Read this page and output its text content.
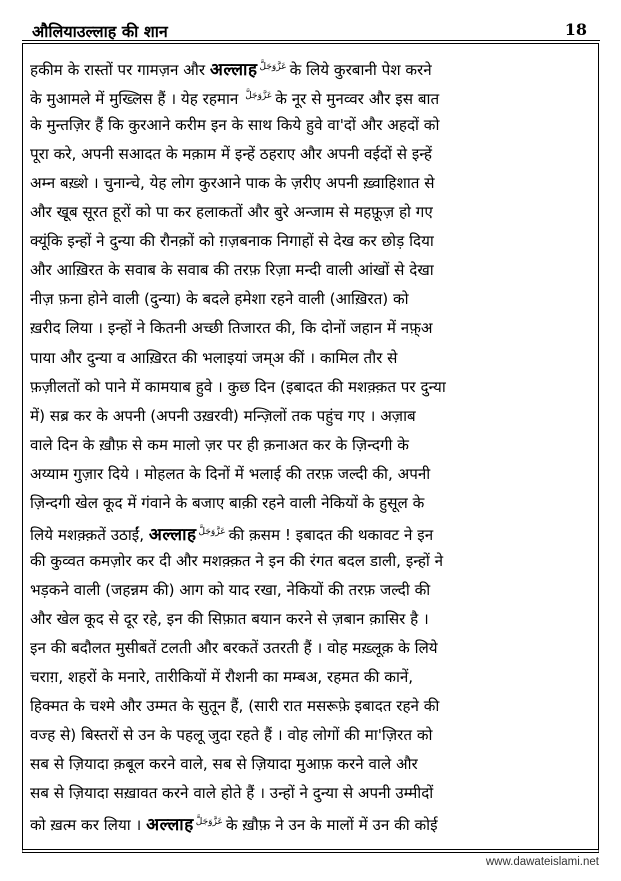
औलियाउल्लाह की शान	18
हकीम के रास्तों पर गामज़न और अल्लाह عَزَّوَجَلَّ के लिये कुरबानी पेश करने
के मुआमले में मुख्लिस हैं । येह रहमान عَزَّوَجَلَّ के नूर से मुनव्वर और इस बात
के मुन्तज़िर हैं कि कुरआने करीम इन के साथ किये हुवे वा'दों और अहदों को
पूरा करे, अपनी सआदत के मक़ाम में इन्हें ठहराए और अपनी वईदों से इन्हें
अम्न बख़्शे । चुनान्चे, येह लोग कुरआने पाक के ज़रीए अपनी ख़्वाहिशात से
और खूब सूरत हूरों को पा कर हलाकतों और बुरे अन्जाम से महफ़ूज़ हो गए
क्यूंकि इन्हों ने दुन्या की रौनक़ों को ग़ज़बनाक निगाहों से देख कर छोड़ दिया
और आख़िरत के सवाब के सवाब की तरफ़ रिज़ा मन्दी वाली आंखों से देखा
नीज़ फ़ना होने वाली (दुन्या) के बदले हमेशा रहने वाली (आख़िरत) को
ख़रीद लिया । इन्हों ने कितनी अच्छी तिजारत की, कि दोनों जहान में नफ़्अ
पाया और दुन्या व आख़िरत की भलाइयां जम्अ कीं । कामिल तौर से
फ़ज़ीलतों को पाने में कामयाब हुवे । कुछ दिन (इबादत की मशक़्क़त पर दुन्या
में) सब्र कर के अपनी (अपनी उख़रवी) मन्ज़िलों तक पहुंच गए । अज़ाब
वाले दिन के ख़ौफ़ से कम मालो ज़र पर ही क़नाअत कर के ज़िन्दगी के
अय्याम गुज़ार दिये । मोहलत के दिनों में भलाई की तरफ़ जल्दी की, अपनी
ज़िन्दगी खेल कूद में गंवाने के बजाए बाक़ी रहने वाली नेकियों के हुसूल के
लिये मशक़्क़तें उठाईं, अल्लाह عَزَّوَجَلَّ की क़सम ! इबादत की थकावट ने इन
की कुव्वत कमज़ोर कर दी और मशक़्क़त ने इन की रंगत बदल डाली, इन्हों ने
भड़कने वाली (जहन्नम की) आग को याद रखा, नेकियों की तरफ़ जल्दी की
और खेल कूद से दूर रहे, इन की सिफ़ात बयान करने से ज़बान क़ासिर है ।
इन की बदौलत मुसीबतें टलती और बरकतें उतरती हैं । वोह मख़्लूक़ के लिये
चराग़, शहरों के मनारे, तारीकियों में रौशनी का मम्बअ, रहमत की कानें,
हिक्मत के चश्मे और उम्मत के सुतून हैं, (सारी रात मसरूफ़े इबादत रहने की
वज्ह से) बिस्तरों से उन के पहलू जुदा रहते हैं । वोह लोगों की मा'ज़िरत को
सब से ज़ियादा क़बूल करने वाले, सब से ज़ियादा मुआफ़ करने वाले और
सब से ज़ियादा सख़ावत करने वाले होते हैं । उन्हों ने दुन्या से अपनी उम्मीदों
को ख़त्म कर लिया । अल्लाह عَزَّوَجَلَّ के ख़ौफ़ ने उन के मालों में उन की कोई
www.dawateislami.net
